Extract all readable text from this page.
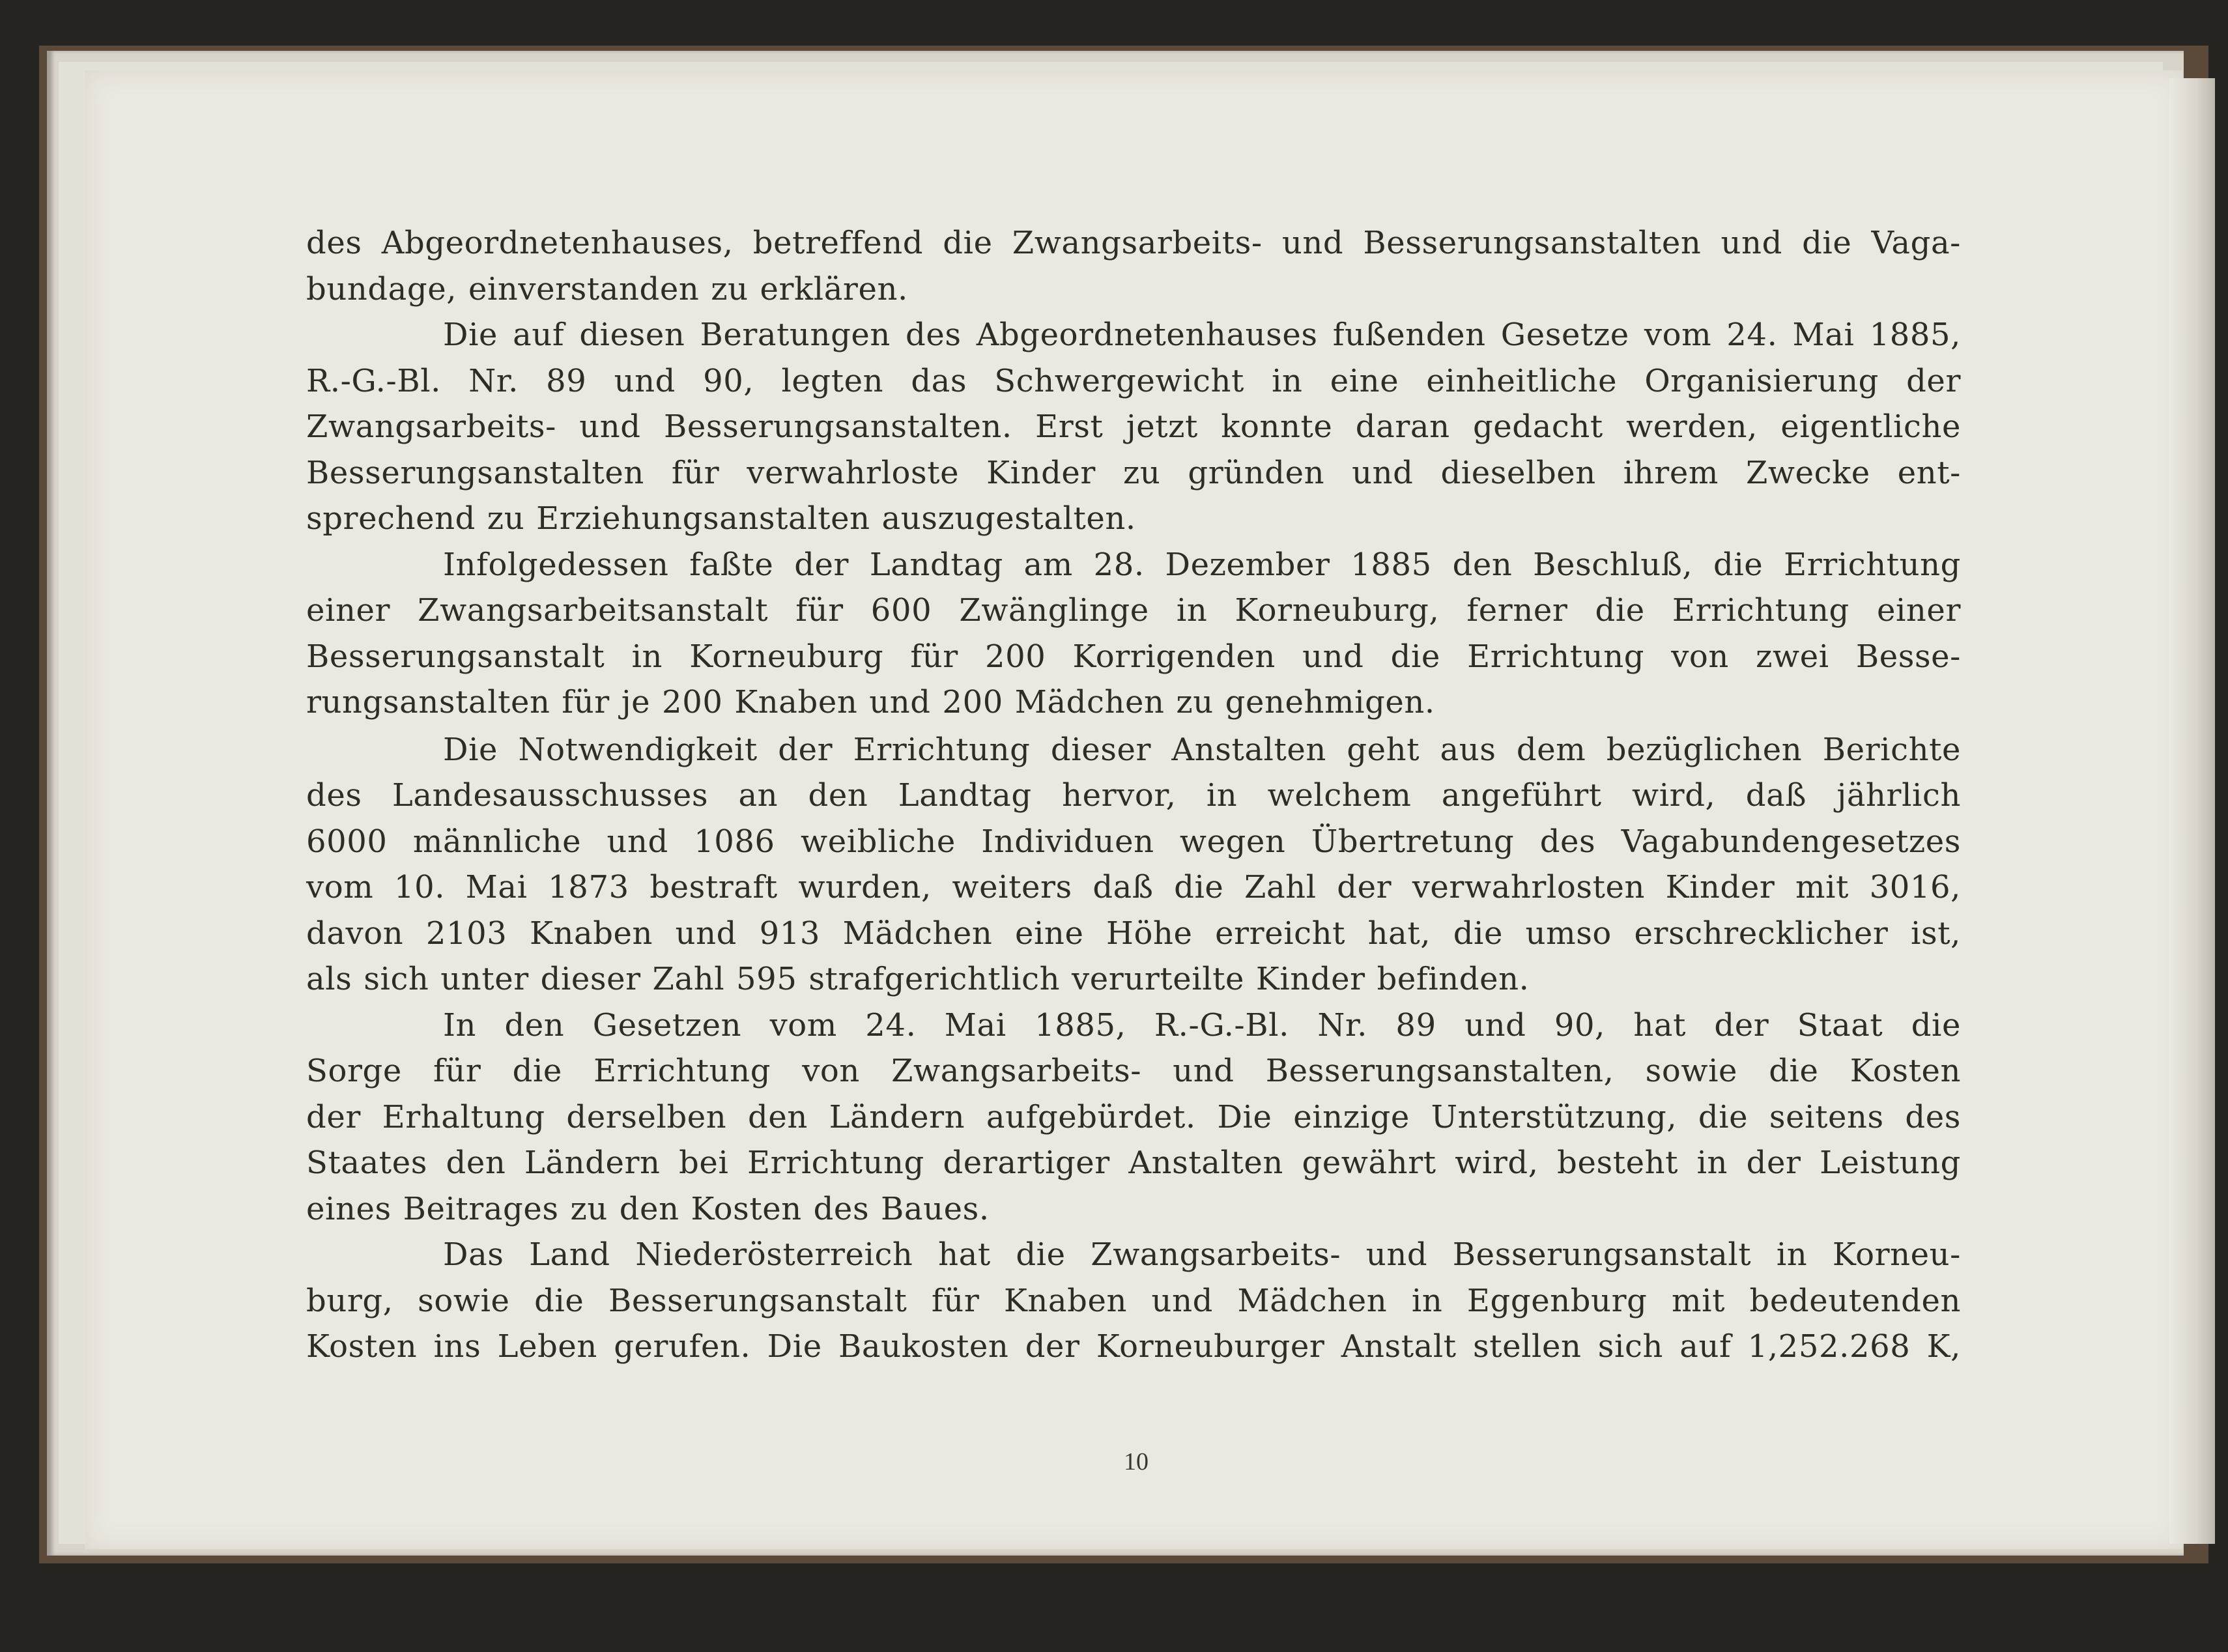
des Abgeordnetenhauses, betreffend die Zwangsarbeits- und Besserungsanstalten und die Vaga-
bundage, einverstanden zu erklären.
Die auf diesen Beratungen des Abgeordnetenhauses fußenden Gesetze vom 24. Mai 1885,
R.-G.-Bl. Nr. 89 und 90, legten das Schwergewicht in eine einheitliche Organisierung der
Zwangsarbeits- und Besserungsanstalten. Erst jetzt konnte daran gedacht werden, eigentliche
Besserungsanstalten für verwahrloste Kinder zu gründen und dieselben ihrem Zwecke ent-
sprechend zu Erziehungsanstalten auszugestalten.
Infolgedessen faßte der Landtag am 28. Dezember 1885 den Beschluß, die Errichtung
einer Zwangsarbeitsanstalt für 600 Zwänglinge in Korneuburg, ferner die Errichtung einer
Besserungsanstalt in Korneuburg für 200 Korrigenden und die Errichtung von zwei Besse-
rungsanstalten für je 200 Knaben und 200 Mädchen zu genehmigen.
Die Notwendigkeit der Errichtung dieser Anstalten geht aus dem bezüglichen Berichte
des Landesausschusses an den Landtag hervor, in welchem angeführt wird, daß jährlich
6000 männliche und 1086 weibliche Individuen wegen Übertretung des Vagabundengesetzes
vom 10. Mai 1873 bestraft wurden, weiters daß die Zahl der verwahrlosten Kinder mit 3016,
davon 2103 Knaben und 913 Mädchen eine Höhe erreicht hat, die umso erschrecklicher ist,
als sich unter dieser Zahl 595 strafgerichtlich verurteilte Kinder befinden.
In den Gesetzen vom 24. Mai 1885, R.-G.-Bl. Nr. 89 und 90, hat der Staat die
Sorge für die Errichtung von Zwangsarbeits- und Besserungsanstalten, sowie die Kosten
der Erhaltung derselben den Ländern aufgebürdet. Die einzige Unterstützung, die seitens des
Staates den Ländern bei Errichtung derartiger Anstalten gewährt wird, besteht in der Leistung
eines Beitrages zu den Kosten des Baues.
Das Land Niederösterreich hat die Zwangsarbeits- und Besserungsanstalt in Korneu-
burg, sowie die Besserungsanstalt für Knaben und Mädchen in Eggenburg mit bedeutenden
Kosten ins Leben gerufen. Die Baukosten der Korneuburger Anstalt stellen sich auf 1,252.268 K,
10
